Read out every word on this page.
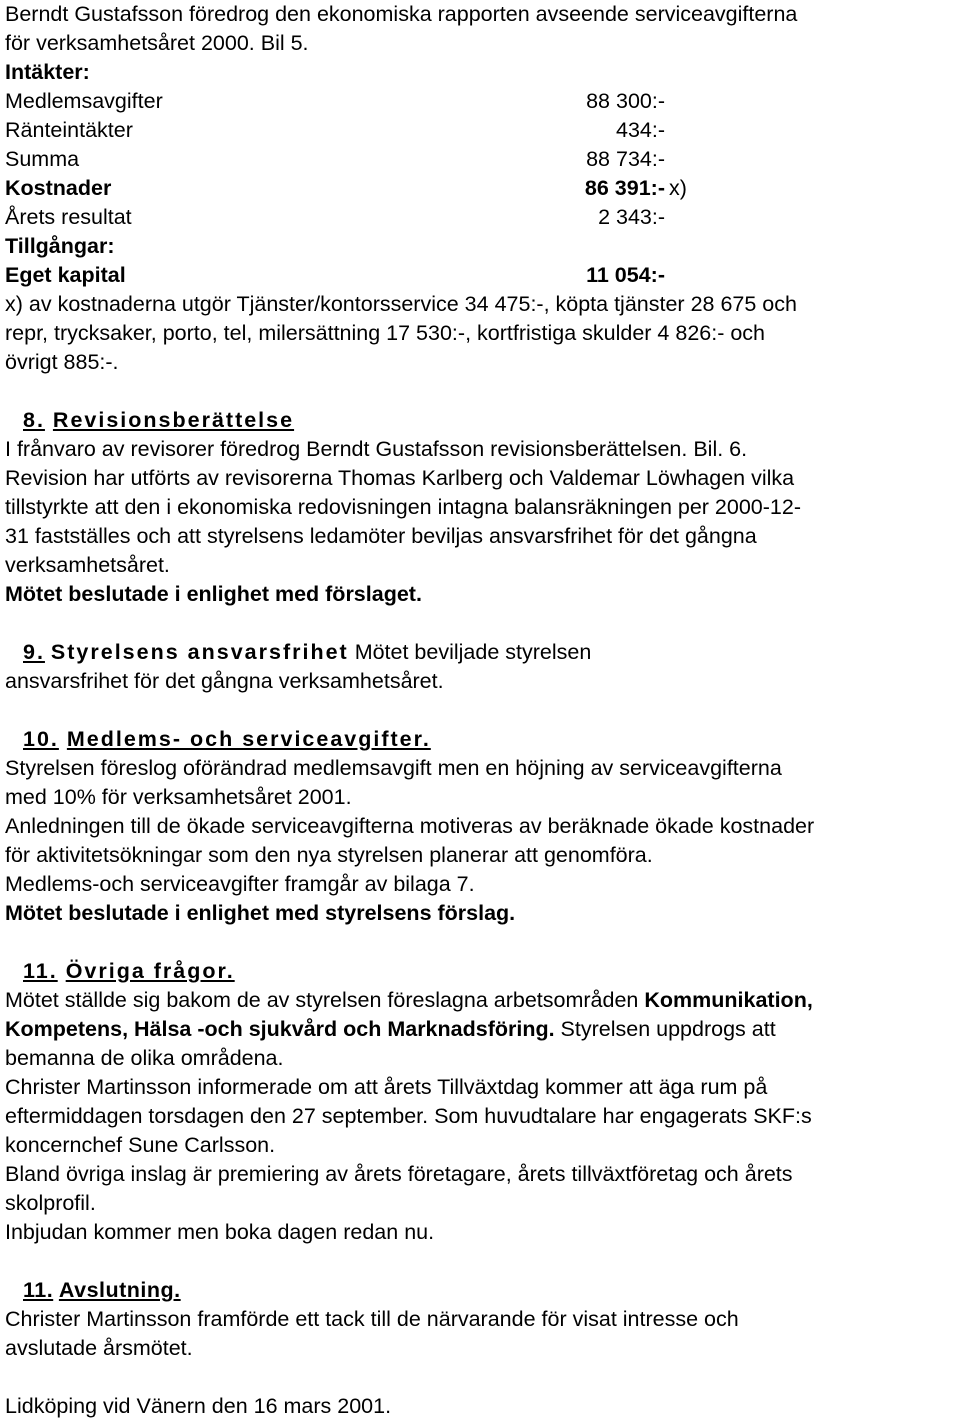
Berndt Gustafsson föredrog den ekonomiska rapporten avseende serviceavgifterna

för verksamhetsåret 2000. Bil 5.

Intäkter:

Medlemsavgifter	88 300:-
Ränteintäkter	434:-
Summa	88 734:-
Kostnader	86 391:- x)
Årets resultat	2 343:-

Tillgångar:

Eget kapital	11 054:-

x) av kostnaderna utgör Tjänster/kontorsservice 34 475:-, köpta tjänster 28 675 och

repr, trycksaker, porto, tel, milersättning 17 530:-, kortfristiga skulder 4 826:- och

övrigt 885:-.

8. Revisionsberättelse

I frånvaro av revisorer föredrog Berndt Gustafsson revisionsberättelsen. Bil. 6.

Revision har utförts av revisorerna Thomas Karlberg och Valdemar Löwhagen vilka

tillstyrkte att den i ekonomiska redovisningen intagna balansräkningen per 2000-12-

31 fastställes och att styrelsens ledamöter beviljas ansvarsfrihet för det gångna

verksamhetsåret.

Mötet beslutade i enlighet med förslaget.

9. Styrelsens ansvarsfrihet Mötet beviljade styrelsen

ansvarsfrihet för det gångna verksamhetsåret.

10. Medlems- och serviceavgifter.

Styrelsen föreslog oförändrad medlemsavgift men en höjning av serviceavgifterna

med 10% för verksamhetsåret 2001.

Anledningen till de ökade serviceavgifterna motiveras av beräknade ökade kostnader

för aktivitetsökningar som den nya styrelsen planerar att genomföra.

Medlems-och serviceavgifter framgår av bilaga 7.

Mötet beslutade i enlighet med styrelsens förslag.

11. Övriga frågor.

Mötet ställde sig bakom de av styrelsen föreslagna arbetsområden Kommunikation,

Kompetens, Hälsa -och sjukvård och Marknadsföring. Styrelsen uppdrogs att

bemanna de olika områdena.

Christer Martinsson informerade om att årets Tillväxtdag kommer att äga rum på

eftermiddagen torsdagen den 27 september. Som huvudtalare har engagerats SKF:s

koncernchef Sune Carlsson.

Bland övriga inslag är premiering av årets företagare, årets tillväxtföretag och årets

skolprofil.

Inbjudan kommer men boka dagen redan nu.

11. Avslutning.

Christer Martinsson framförde ett tack till de närvarande för visat intresse och

avslutade årsmötet.

Lidköping vid Vänern den 16 mars 2001.
